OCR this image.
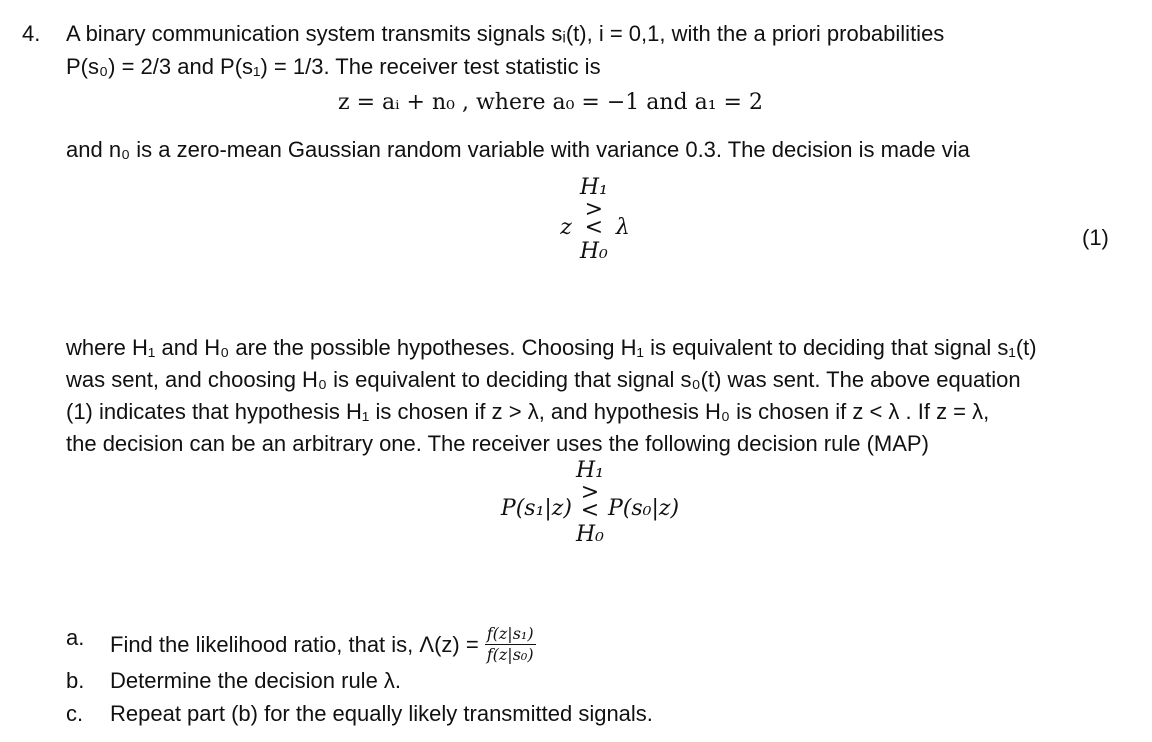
4. A binary communication system transmits signals sᵢ(t), i = 0,1, with the a priori probabilities
P(s₀) = 2/3 and P(s₁) = 1/3. The receiver test statistic is
z = aᵢ + n₀ , where a₀ = −1 and a₁ = 2
and n₀ is a zero-mean Gaussian random variable with variance 0.3. The decision is made via
z
H₁
>
<
H₀
λ	(1)
where H₁ and H₀ are the possible hypotheses. Choosing H₁ is equivalent to deciding that signal s₁(t)
was sent, and choosing H₀ is equivalent to deciding that signal s₀(t) was sent. The above equation
(1) indicates that hypothesis H₁ is chosen if z > λ, and hypothesis H₀ is chosen if z < λ . If z = λ,
the decision can be an arbitrary one. The receiver uses the following decision rule (MAP)
P(s₁|z)
H₁
>
<
H₀
P(s₀|z)
a.	Find the likelihood ratio, that is, $\Lambda(z) = \frac{\text{f(z|s₁)}}{\text{f(z|s₀)}}$
b.	Determine the decision rule λ.
c.	Repeat part (b) for the equally likely transmitted signals.
